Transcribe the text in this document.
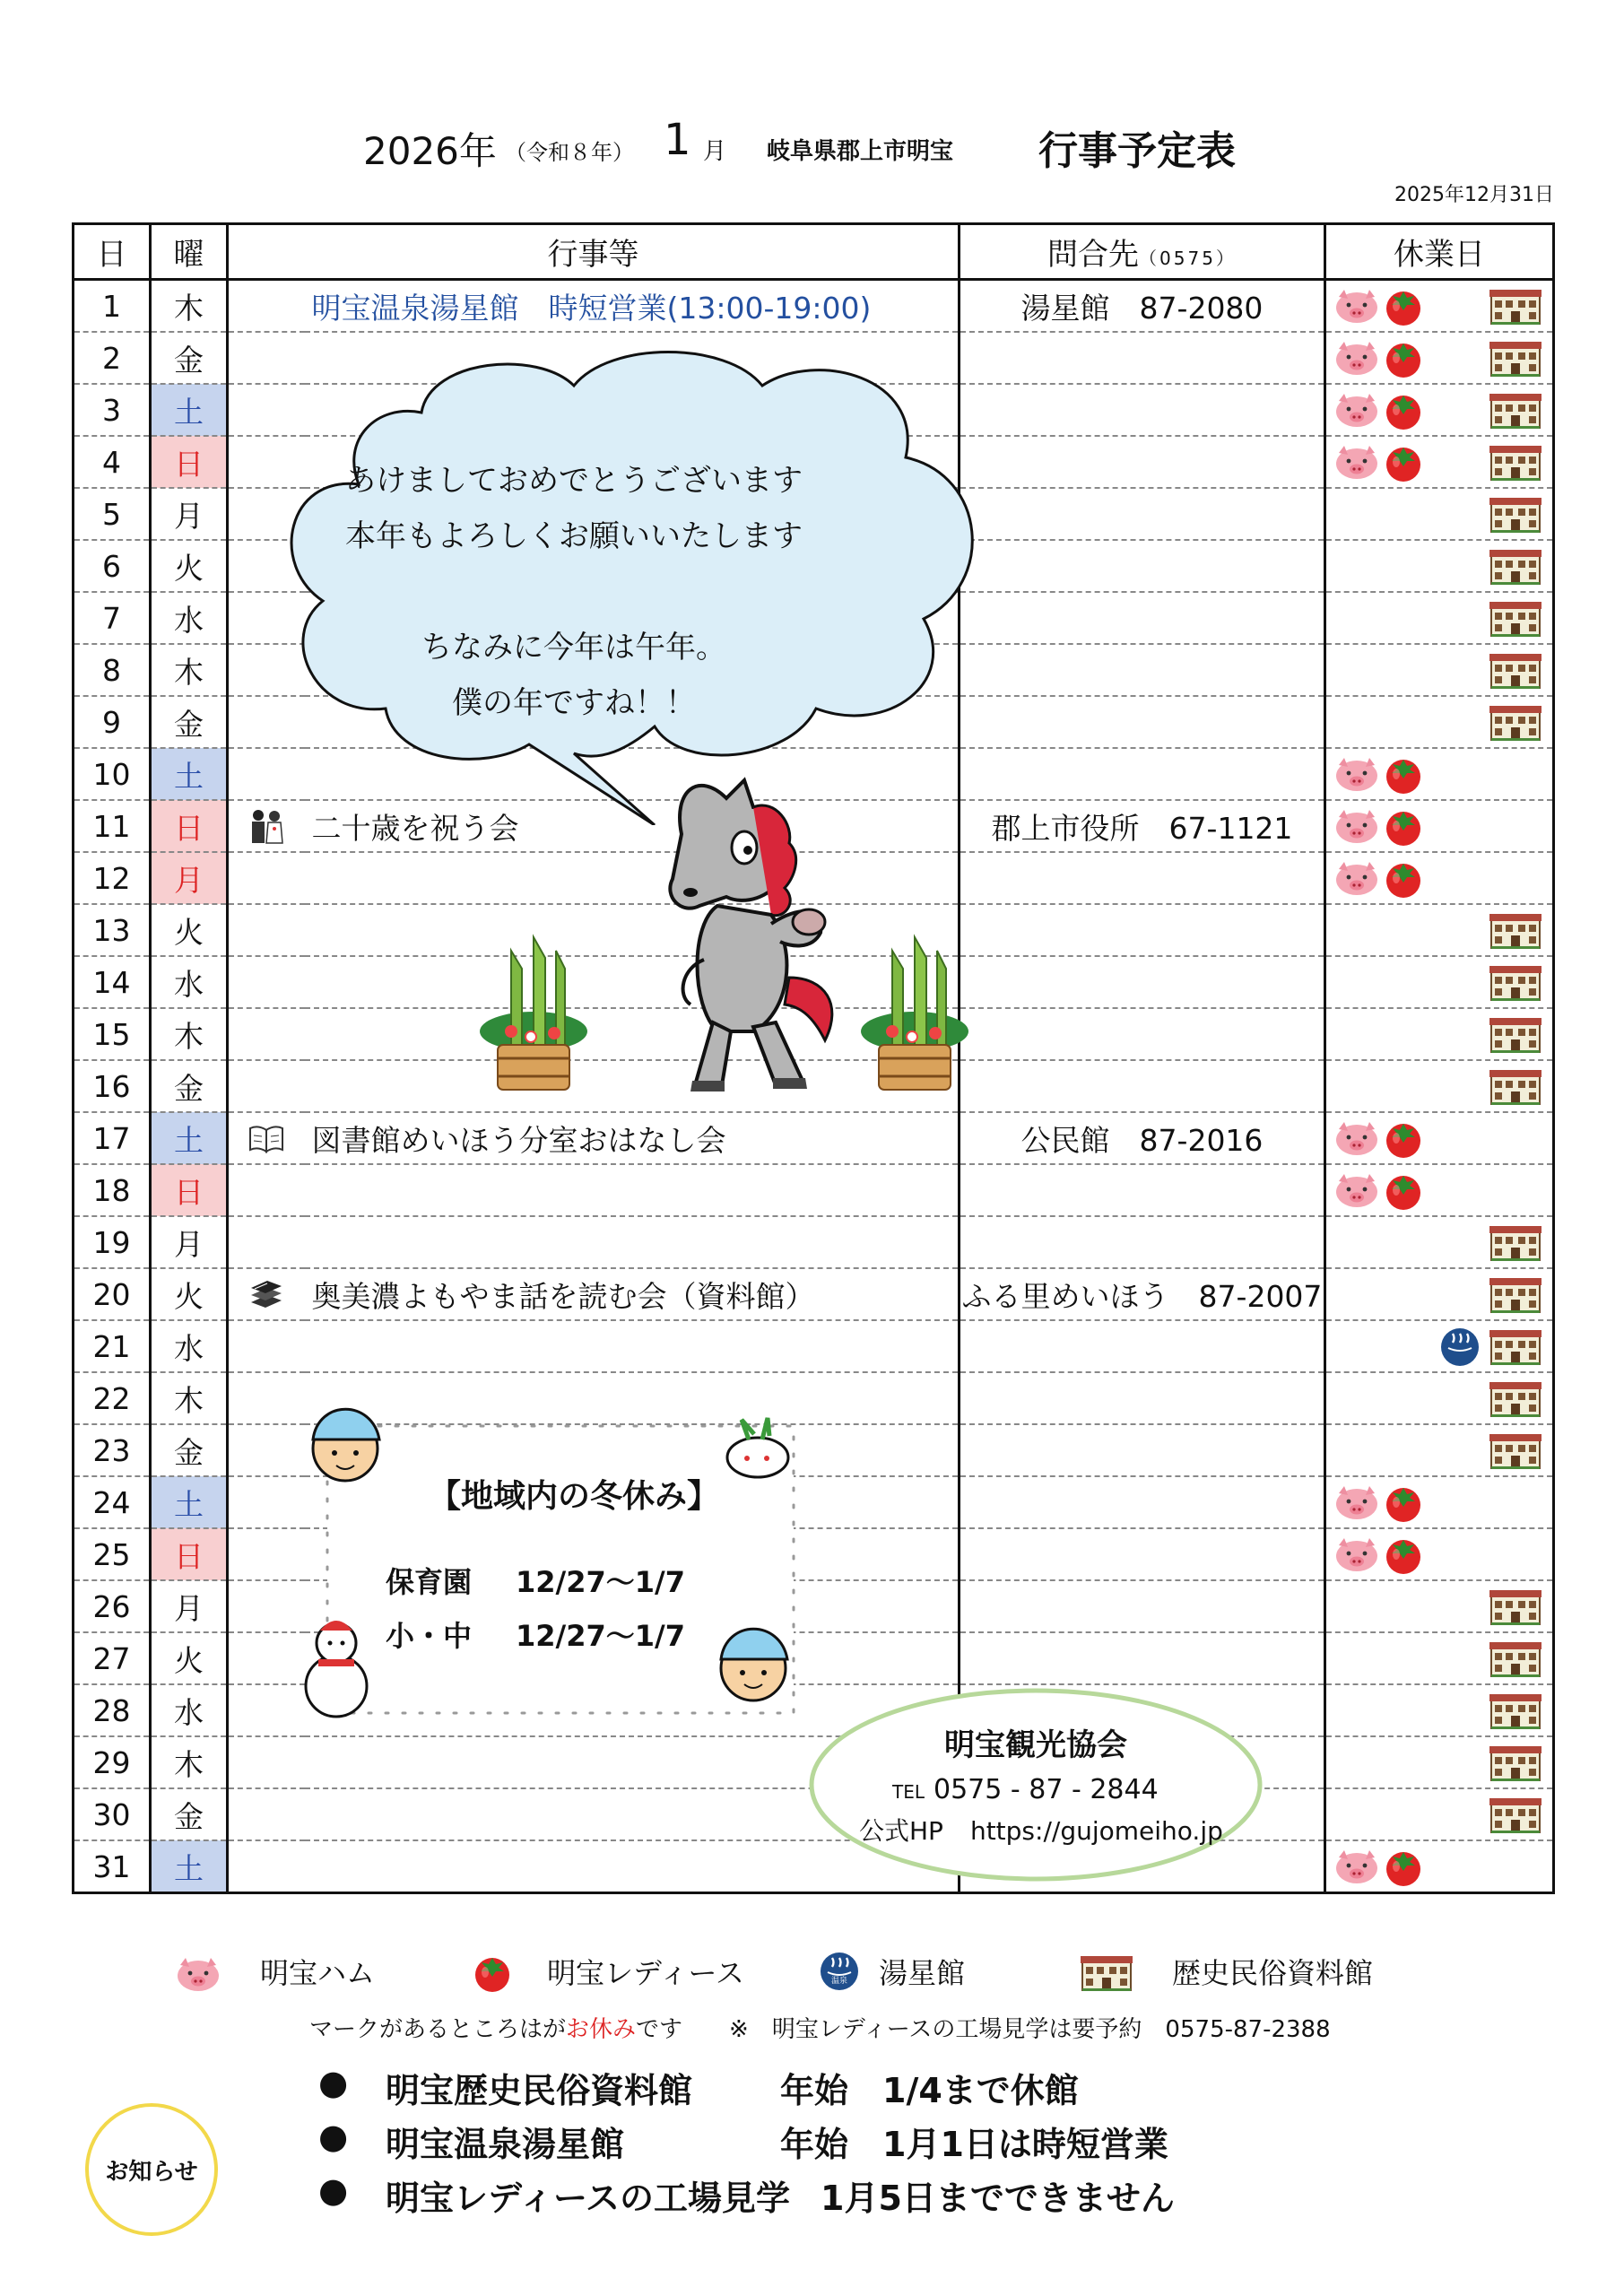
2026年 （令和８年） 1 月 岐阜県郡上市明宝 行事予定表
2025年12月31日
日	曜	行事等		問合先（0575）	休業日
1	木		明宝温泉湯星館　時短営業(13:00-19:00)	湯星館　87-2080	

2	金				

3	土				

4	日				

5	月				

6	火				

7	水				

8	木				

9	金				

10	土				

11	日		二十歳を祝う会	郡上市役所　67-1121	

12	月				

13	火				

14	水				

15	木				

16	金				

17	土		図書館めいほう分室おはなし会	公民館　87-2016	

18	日				

19	月				

20	火		奥美濃よもやま話を読む会（資料館）	ふる里めいほう　87-2007	

21	水				

22	木				

23	金				

24	土				

25	日				

26	月				

27	火				

28	水				

29	木				

30	金				

31	土				
あけましておめでとうございます
本年もよろしくお願いいたします
ちなみに今年は午年。
僕の年ですね！！
【地域内の冬休み】
保育園 12/27～1/7
小・中 12/27～1/7
明宝観光協会
TEL 0575 - 87 - 2844
公式HP https://gujomeiho.jp
明宝ハム	明宝レディース	温泉	湯星館	歴史民俗資料館
マークがあるところはがお休みです　　※　明宝レディースの工場見学は要予約　0575-87-2388
お知らせ
● 明宝歴史民俗資料館	年始　1/4まで休館
● 明宝温泉湯星館	年始　1月1日は時短営業
● 明宝レディースの工場見学 1月5日までできません
